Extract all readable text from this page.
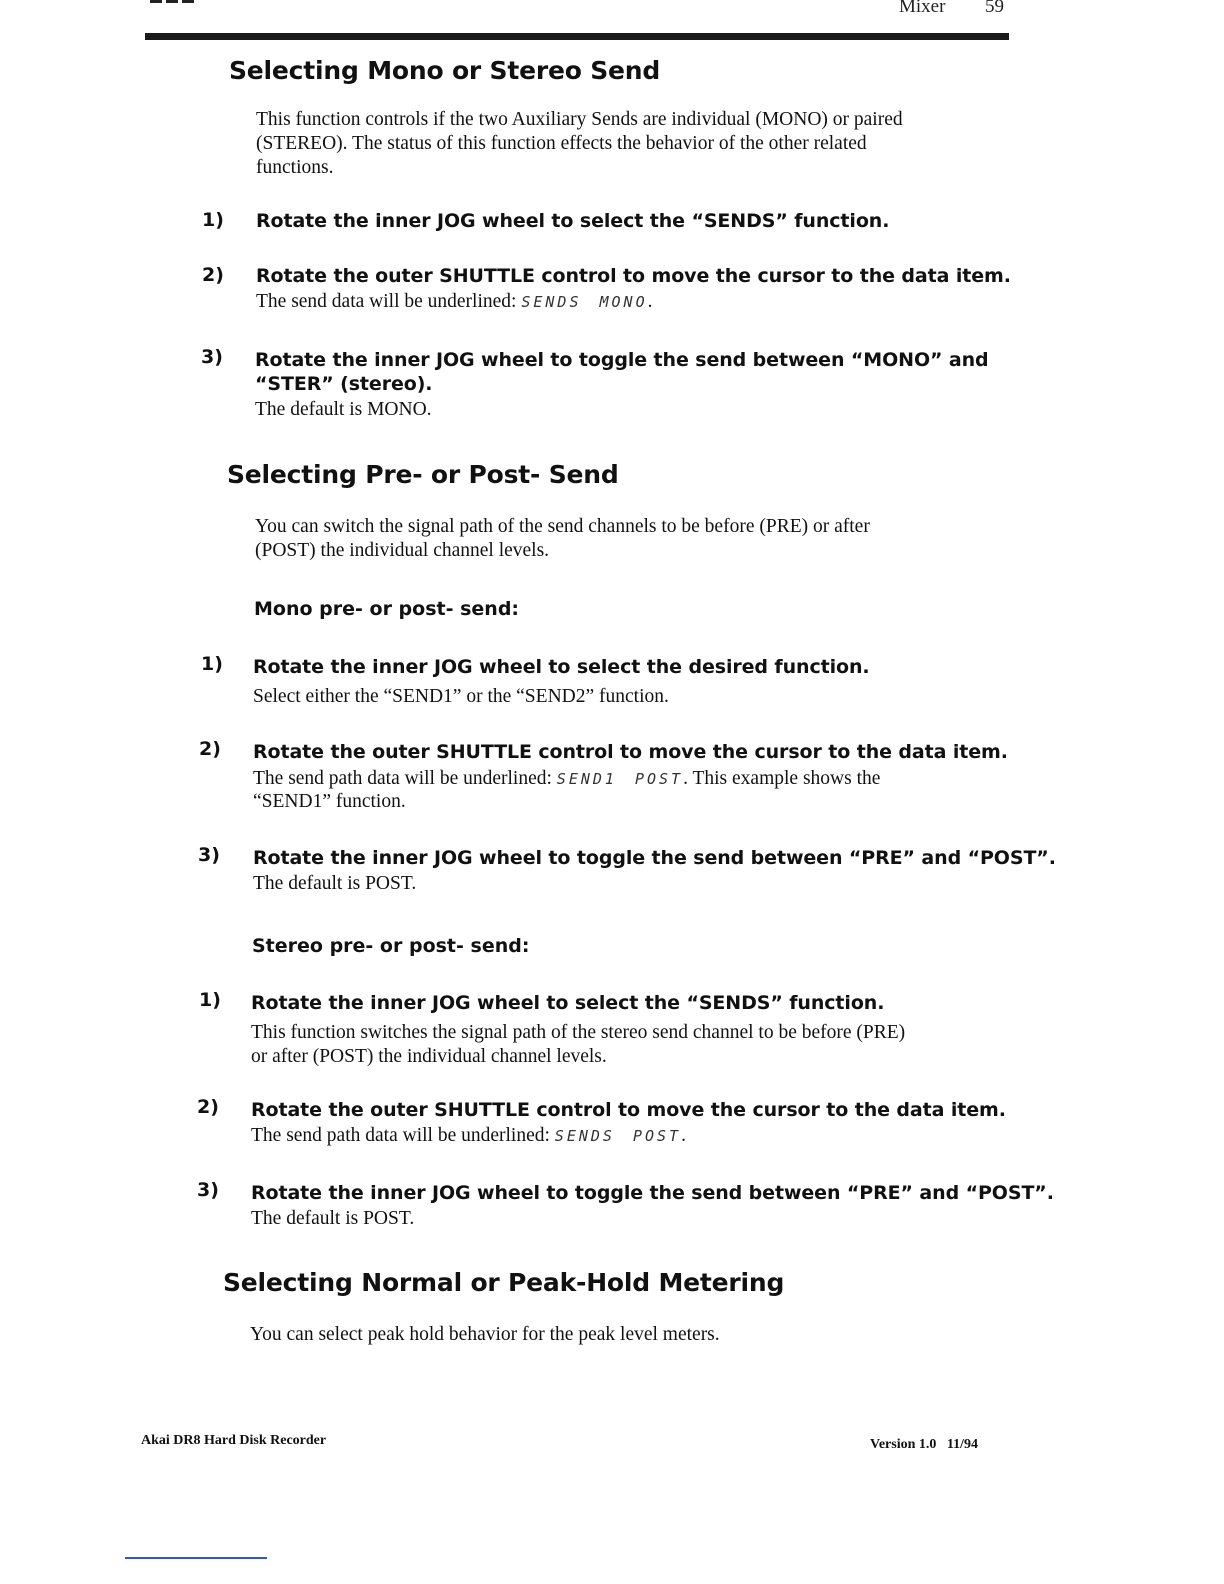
Mixer 59
Selecting Mono or Stereo Send
This function controls if the two Auxiliary Sends are individual (MONO) or paired
(STEREO). The status of this function effects the behavior of the other related
functions.
1) Rotate the inner JOG wheel to select the “SENDS” function.
2) Rotate the outer SHUTTLE control to move the cursor to the data item.
The send data will be underlined: SENDS MONO.
3) Rotate the inner JOG wheel to toggle the send between “MONO” and
“STER” (stereo).
The default is MONO.
Selecting Pre- or Post- Send
You can switch the signal path of the send channels to be before (PRE) or after
(POST) the individual channel levels.
Mono pre- or post- send:
1) Rotate the inner JOG wheel to select the desired function.
Select either the “SEND1” or the “SEND2” function.
2) Rotate the outer SHUTTLE control to move the cursor to the data item.
The send path data will be underlined: SEND1 POST. This example shows the
“SEND1” function.
3) Rotate the inner JOG wheel to toggle the send between “PRE” and “POST”.
The default is POST.
Stereo pre- or post- send:
1) Rotate the inner JOG wheel to select the “SENDS” function.
This function switches the signal path of the stereo send channel to be before (PRE)
or after (POST) the individual channel levels.
2) Rotate the outer SHUTTLE control to move the cursor to the data item.
The send path data will be underlined: SENDS POST.
3) Rotate the inner JOG wheel to toggle the send between “PRE” and “POST”.
The default is POST.
Selecting Normal or Peak-Hold Metering
You can select peak hold behavior for the peak level meters.
Akai DR8 Hard Disk Recorder	Version 1.0   11/94
